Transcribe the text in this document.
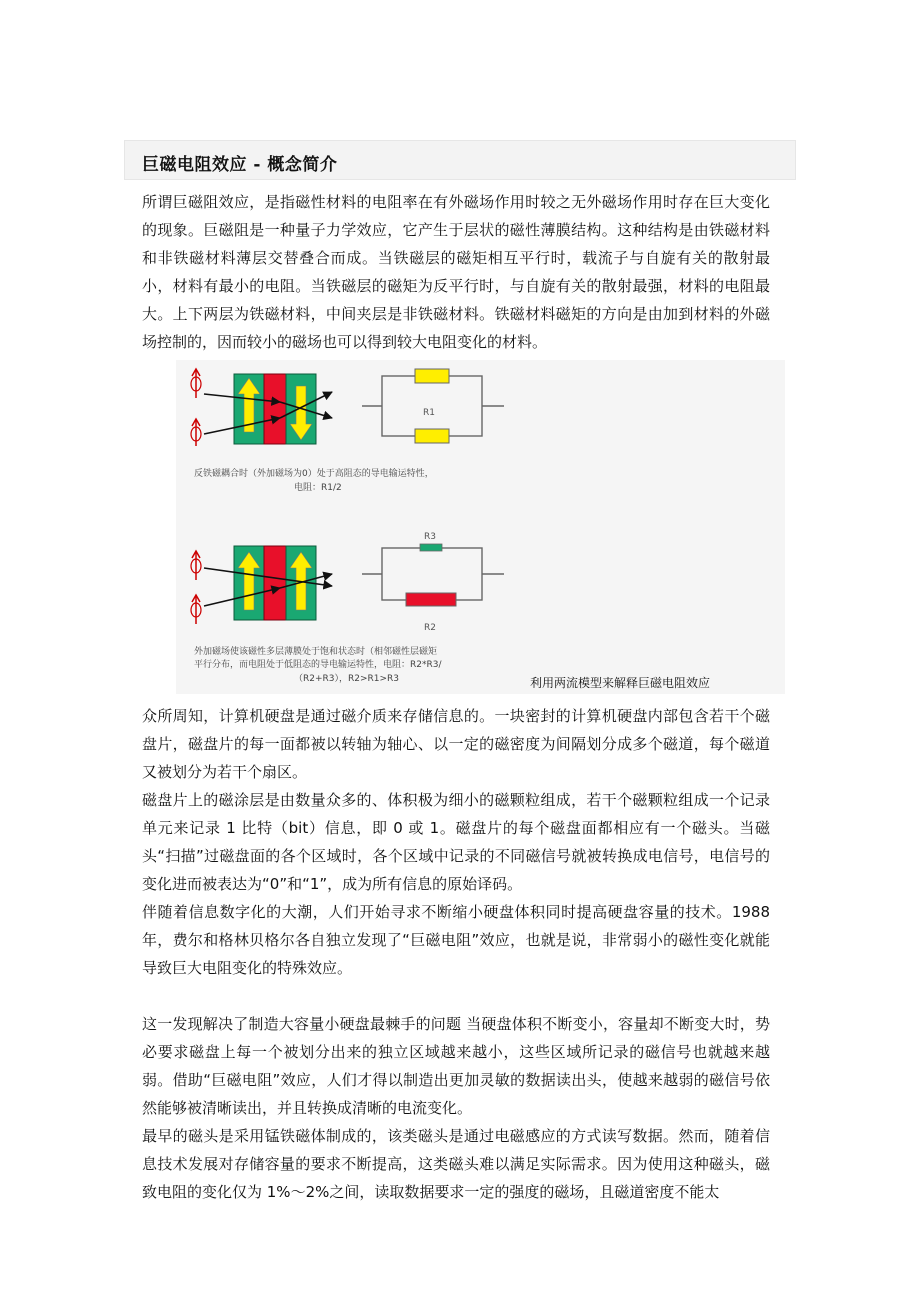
巨磁电阻效应 - 概念简介

所谓巨磁阻效应，是指磁性材料的电阻率在有外磁场作用时较之无外磁场作用时存在巨大变化的现象。巨磁阻是一种量子力学效应，它产生于层状的磁性薄膜结构。这种结构是由铁磁材料和非铁磁材料薄层交替叠合而成。当铁磁层的磁矩相互平行时，载流子与自旋有关的散射最小，材料有最小的电阻。当铁磁层的磁矩为反平行时，与自旋有关的散射最强，材料的电阻最大。上下两层为铁磁材料，中间夹层是非铁磁材料。铁磁材料磁矩的方向是由加到材料的外磁场控制的，因而较小的磁场也可以得到较大电阻变化的材料。

R1
反铁磁耦合时（外加磁场为0）处于高阻态的导电输运特性，
电阻：R1/2
R3
R2
外加磁场使该磁性多层薄膜处于饱和状态时（相邻磁性层磁矩
平行分布，而电阻处于低阻态的导电输运特性，电阻：R2*R3/
（R2+R3），R2>R1>R3	利用两流模型来解释巨磁电阻效应

众所周知，计算机硬盘是通过磁介质来存储信息的。一块密封的计算机硬盘内部包含若干个磁盘片，磁盘片的每一面都被以转轴为轴心、以一定的磁密度为间隔划分成多个磁道，每个磁道又被划分为若干个扇区。

磁盘片上的磁涂层是由数量众多的、体积极为细小的磁颗粒组成，若干个磁颗粒组成一个记录单元来记录 1 比特（bit）信息，即 0 或 1。磁盘片的每个磁盘面都相应有一个磁头。当磁头“扫描”过磁盘面的各个区域时，各个区域中记录的不同磁信号就被转换成电信号，电信号的变化进而被表达为“0”和“1”，成为所有信息的原始译码。

伴随着信息数字化的大潮，人们开始寻求不断缩小硬盘体积同时提高硬盘容量的技术。1988 年，费尔和格林贝格尔各自独立发现了“巨磁电阻”效应，也就是说，非常弱小的磁性变化就能导致巨大电阻变化的特殊效应。

这一发现解决了制造大容量小硬盘最棘手的问题 当硬盘体积不断变小，容量却不断变大时，势必要求磁盘上每一个被划分出来的独立区域越来越小，这些区域所记录的磁信号也就越来越弱。借助“巨磁电阻”效应，人们才得以制造出更加灵敏的数据读出头，使越来越弱的磁信号依然能够被清晰读出，并且转换成清晰的电流变化。

最早的磁头是采用锰铁磁体制成的，该类磁头是通过电磁感应的方式读写数据。然而，随着信息技术发展对存储容量的要求不断提高，这类磁头难以满足实际需求。因为使用这种磁头，磁致电阻的变化仅为 1%～2%之间，读取数据要求一定的强度的磁场，且磁道密度不能太
